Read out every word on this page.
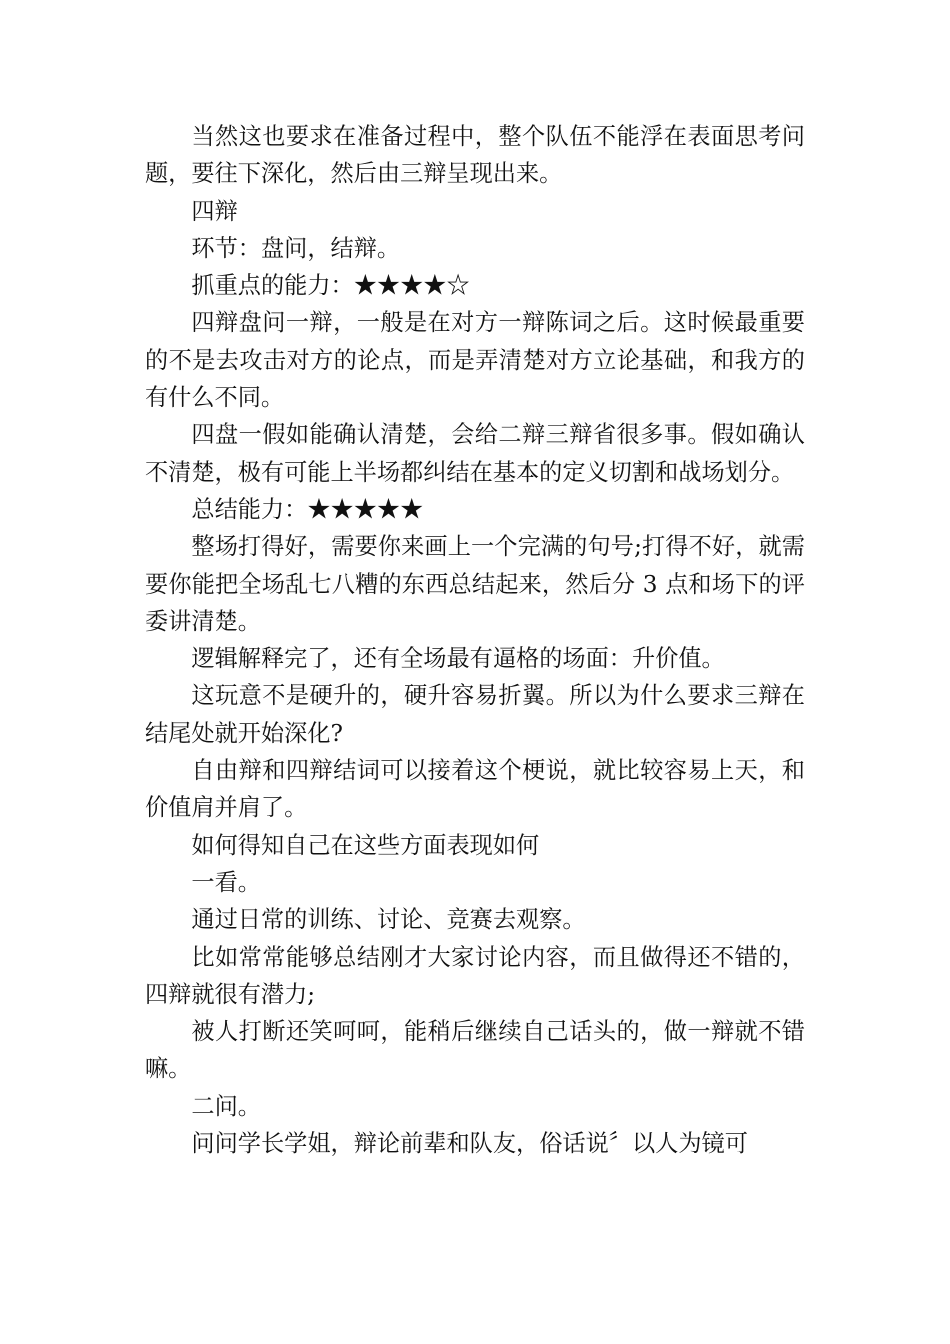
当然这也要求在准备过程中，整个队伍不能浮在表面思考问题，要往下深化，然后由三辩呈现出来。

四辩

环节：盘问，结辩。

抓重点的能力：★★★★☆

四辩盘问一辩，一般是在对方一辩陈词之后。这时候最重要的不是去攻击对方的论点，而是弄清楚对方立论基础，和我方的有什么不同。

四盘一假如能确认清楚，会给二辩三辩省很多事。假如确认不清楚，极有可能上半场都纠结在基本的定义切割和战场划分。

总结能力：★★★★★

整场打得好，需要你来画上一个完满的句号;打得不好，就需要你能把全场乱七八糟的东西总结起来，然后分 3 点和场下的评委讲清楚。

逻辑解释完了，还有全场最有逼格的场面：升价值。

这玩意不是硬升的，硬升容易折翼。所以为什么要求三辩在结尾处就开始深化?

自由辩和四辩结词可以接着这个梗说，就比较容易上天，和价值肩并肩了。

如何得知自己在这些方面表现如何

一看。

通过日常的训练、讨论、竞赛去观察。

比如常常能够总结刚才大家讨论内容，而且做得还不错的，四辩就很有潜力;

被人打断还笑呵呵，能稍后继续自己话头的，做一辩就不错嘛。

二问。

问问学长学姐，辩论前辈和队友，俗话说〞以人为镜可
